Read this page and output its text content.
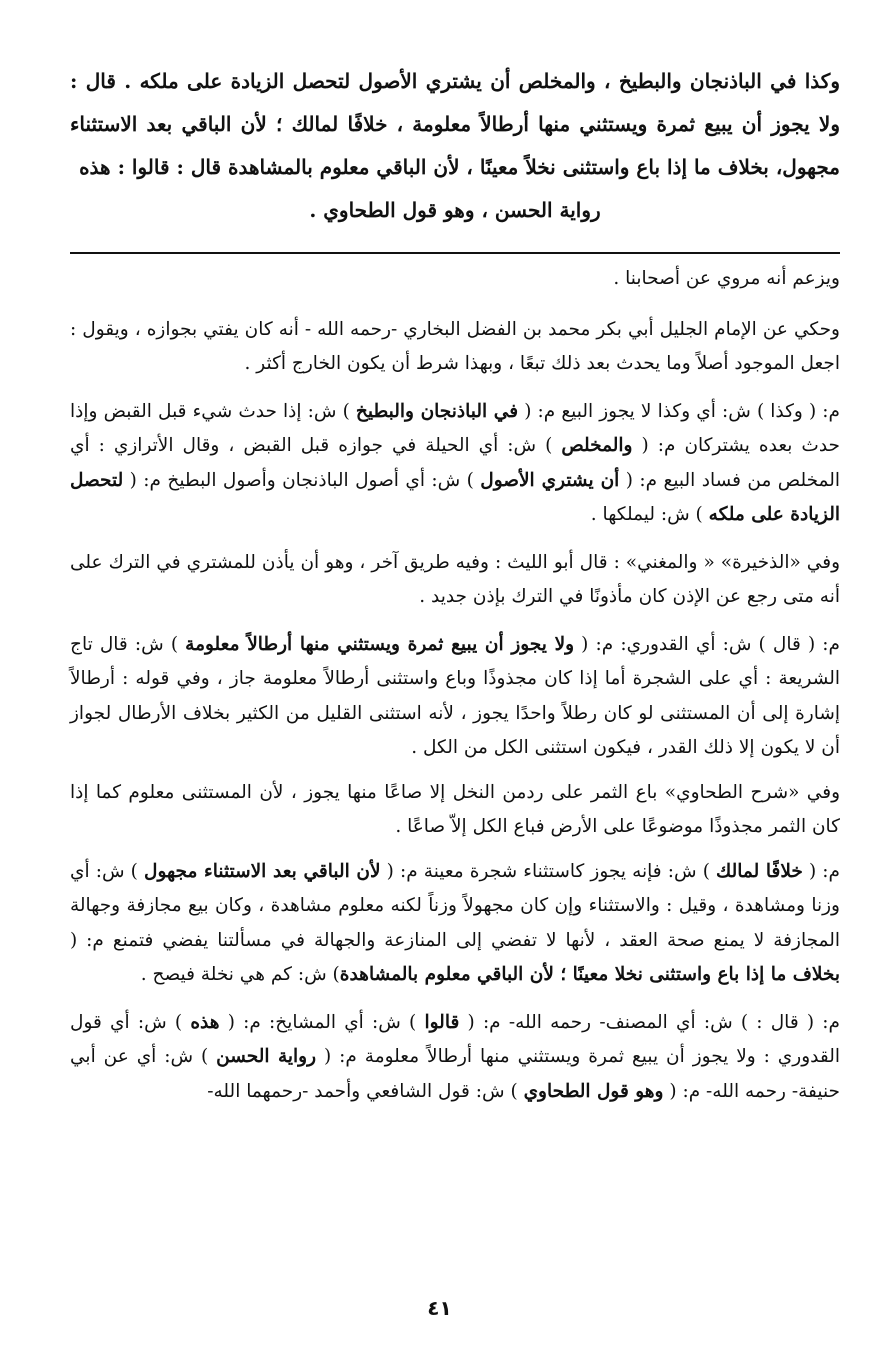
وكذا في الباذنجان والبطيخ ، والمخلص أن يشتري الأصول لتحصل الزيادة على ملكه . قال : ولا يجوز أن يبيع ثمرة ويستثني منها أرطالاً معلومة ، خلافًا لمالك ؛ لأن الباقي بعد الاستثناء مجهول، بخلاف ما إذا باع واستثنى نخلاً معينًا ، لأن الباقي معلوم بالمشاهدة قال : قالوا : هذه
رواية الحسن ، وهو قول الطحاوي .

ويزعم أنه مروي عن أصحابنا .

وحكي عن الإمام الجليل أبي بكر محمد بن الفضل البخاري -رحمه الله - أنه كان يفتي بجوازه ، ويقول : اجعل الموجود أصلاً وما يحدث بعد ذلك تبعًا ، وبهذا شرط أن يكون الخارج أكثر .

م: ( وكذا ) ش: أي وكذا لا يجوز البيع م: ( في الباذنجان والبطيخ ) ش: إذا حدث شيء قبل القبض وإذا حدث بعده يشتركان م: ( والمخلص ) ش: أي الحيلة في جوازه قبل القبض ، وقال الأترازي : أي المخلص من فساد البيع م: ( أن يشتري الأصول ) ش: أي أصول الباذنجان وأصول البطيخ م: ( لتحصل الزيادة على ملكه ) ش: ليملكها .

وفي «الذخيرة» « والمغني» : قال أبو الليث : وفيه طريق آخر ، وهو أن يأذن للمشتري في الترك على أنه متى رجع عن الإذن كان مأذونًا في الترك بإذن جديد .

م: ( قال ) ش: أي القدوري: م: ( ولا يجوز أن يبيع ثمرة ويستثني منها أرطالاً معلومة ) ش: قال تاج الشريعة : أي على الشجرة أما إذا كان مجذوذًا وباع واستثنى أرطالاً معلومة جاز ، وفي قوله : أرطالاً إشارة إلى أن المستثنى لو كان رطلاً واحدًا يجوز ، لأنه استثنى القليل من الكثير بخلاف الأرطال لجواز أن لا يكون إلا ذلك القدر ، فيكون استثنى الكل من الكل .

وفي «شرح الطحاوي» باع الثمر على ردمن النخل إلا صاعًا منها يجوز ، لأن المستثنى معلوم كما إذا كان الثمر مجذوذًا موضوعًا على الأرض فباع الكل إلاّ صاعًا .

م: ( خلافًا لمالك ) ش: فإنه يجوز كاستثناء شجرة معينة م: ( لأن الباقي بعد الاستثناء مجهول ) ش: أي وزنا ومشاهدة ، وقيل : والاستثناء وإن كان مجهولاً وزناً لكنه معلوم مشاهدة ، وكان بيع مجازفة وجهالة المجازفة لا يمنع صحة العقد ، لأنها لا تفضي إلى المنازعة والجهالة في مسألتنا يفضي فتمنع م: ( بخلاف ما إذا باع واستثنى نخلا معينًا ؛ لأن الباقي معلوم بالمشاهدة) ش: كم هي نخلة فيصح .

م: ( قال : ) ش: أي المصنف- رحمه الله- م: ( قالوا ) ش: أي المشايخ: م: ( هذه ) ش: أي قول القدوري : ولا يجوز أن يبيع ثمرة ويستثني منها أرطالاً معلومة م: ( رواية الحسن ) ش: أي عن أبي حنيفة- رحمه الله- م: ( وهو قول الطحاوي ) ش: قول الشافعي وأحمد -رحمهما الله-

٤١
